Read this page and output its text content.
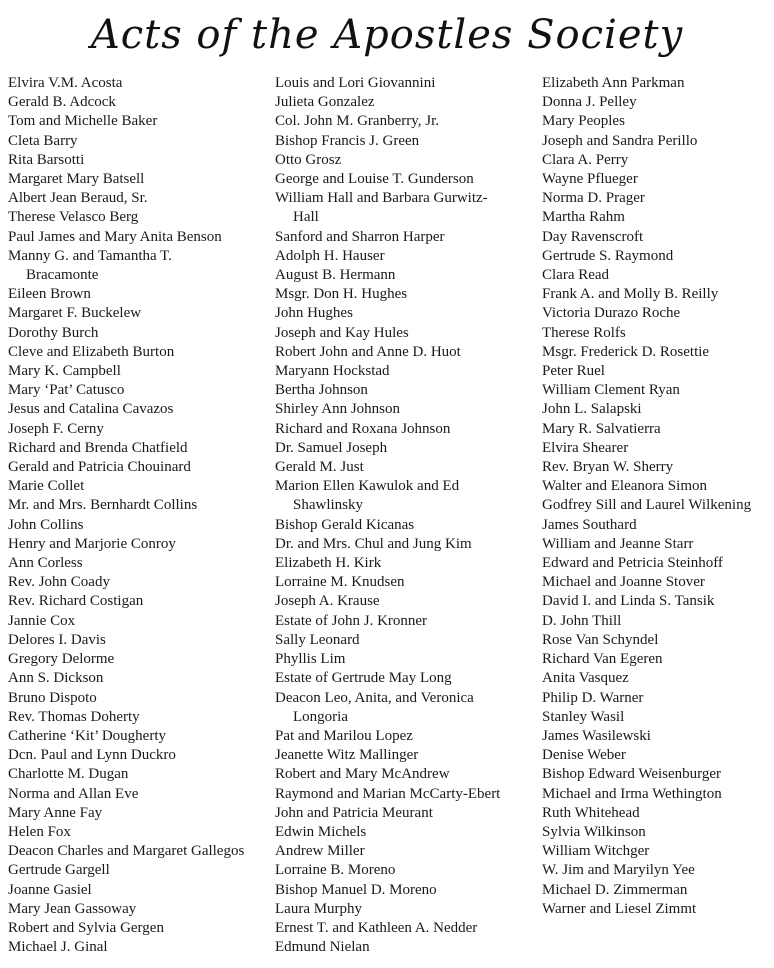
Acts of the Apostles Society
Elvira V.M. Acosta
Gerald B. Adcock
Tom and Michelle Baker
Cleta Barry
Rita Barsotti
Margaret Mary Batsell
Albert Jean Beraud, Sr.
Therese Velasco Berg
Paul James and Mary Anita Benson
Manny G. and Tamantha T.
Bracamonte
Eileen Brown
Margaret F. Buckelew
Dorothy Burch
Cleve and Elizabeth Burton
Mary K. Campbell
Mary ‘Pat’ Catusco
Jesus and Catalina Cavazos
Joseph F. Cerny
Richard and Brenda Chatfield
Gerald and Patricia Chouinard
Marie Collet
Mr. and Mrs. Bernhardt Collins
John Collins
Henry and Marjorie Conroy
Ann Corless
Rev. John Coady
Rev. Richard Costigan
Jannie Cox
Delores I. Davis
Gregory Delorme
Ann S. Dickson
Bruno Dispoto
Rev. Thomas Doherty
Catherine ‘Kit’ Dougherty
Dcn. Paul and Lynn Duckro
Charlotte M. Dugan
Norma and Allan Eve
Mary Anne Fay
Helen Fox
Deacon Charles and Margaret Gallegos
Gertrude Gargell
Joanne Gasiel
Mary Jean Gassoway
Robert and Sylvia Gergen
Michael J. Ginal
Louis and Lori Giovannini
Julieta Gonzalez
Col. John M. Granberry, Jr.
Bishop Francis J. Green
Otto Grosz
George and Louise T. Gunderson
William Hall and Barbara Gurwitz-
Hall
Sanford and Sharron Harper
Adolph H. Hauser
August B. Hermann
Msgr. Don H. Hughes
John Hughes
Joseph and Kay Hules
Robert John and Anne D. Huot
Maryann Hockstad
Bertha Johnson
Shirley Ann Johnson
Richard and Roxana Johnson
Dr. Samuel Joseph
Gerald M. Just
Marion Ellen Kawulok and Ed
Shawlinsky
Bishop Gerald Kicanas
Dr. and Mrs. Chul and Jung Kim
Elizabeth H. Kirk
Lorraine M. Knudsen
Joseph A. Krause
Estate of John J. Kronner
Sally Leonard
Phyllis Lim
Estate of Gertrude May Long
Deacon Leo, Anita, and Veronica
Longoria
Pat and Marilou Lopez
Jeanette Witz Mallinger
Robert and Mary McAndrew
Raymond and Marian McCarty-Ebert
John and Patricia Meurant
Edwin Michels
Andrew Miller
Lorraine B. Moreno
Bishop Manuel D. Moreno
Laura Murphy
Ernest T. and Kathleen A. Nedder
Edmund Nielan
Elizabeth Ann Parkman
Donna J. Pelley
Mary Peoples
Joseph and Sandra Perillo
Clara A. Perry
Wayne Pflueger
Norma D. Prager
Martha Rahm
Day Ravenscroft
Gertrude S. Raymond
Clara Read
Frank A. and Molly B. Reilly
Victoria Durazo Roche
Therese Rolfs
Msgr. Frederick D. Rosettie
Peter Ruel
William Clement Ryan
John L. Salapski
Mary R. Salvatierra
Elvira Shearer
Rev. Bryan W. Sherry
Walter and Eleanora Simon
Godfrey Sill and Laurel Wilkening
James Southard
William and Jeanne Starr
Edward and Petricia Steinhoff
Michael and Joanne Stover
David I. and Linda S. Tansik
D. John Thill
Rose Van Schyndel
Richard Van Egeren
Anita Vasquez
Philip D. Warner
Stanley Wasil
James Wasilewski
Denise Weber
Bishop Edward Weisenburger
Michael and Irma Wethington
Ruth Whitehead
Sylvia Wilkinson
William Witchger
W. Jim and Maryilyn Yee
Michael D. Zimmerman
Warner and Liesel Zimmt
